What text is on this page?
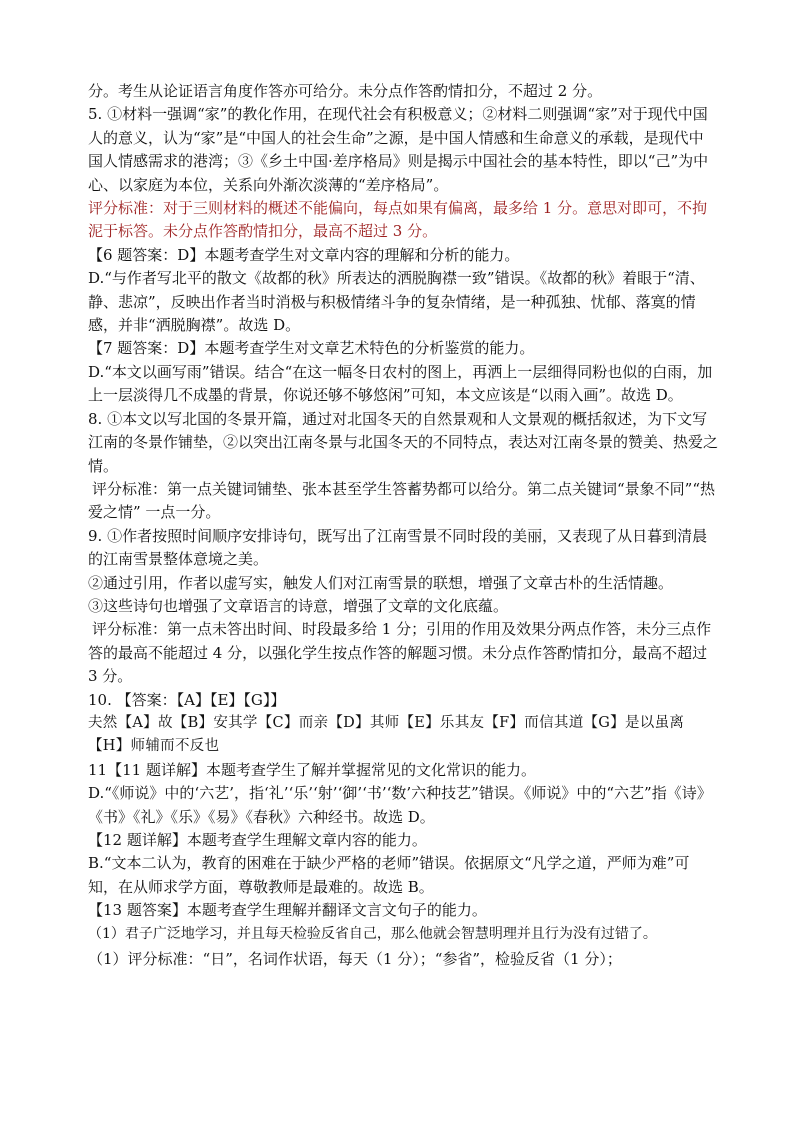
分。考生从论证语言角度作答亦可给分。未分点作答酌情扣分，不超过 2 分。

5. ①材料一强调“家”的教化作用，在现代社会有积极意义；②材料二则强调“家”对于现代中国人的意义，认为“家”是“中国人的社会生命”之源，是中国人情感和生命意义的承载，是现代中国人情感需求的港湾；③《乡土中国·差序格局》则是揭示中国社会的基本特性，即以“己”为中心、以家庭为本位，关系向外渐次淡薄的“差序格局”。

评分标准：对于三则材料的概述不能偏向，每点如果有偏离，最多给 1 分。意思对即可，不拘泥于标答。未分点作答酌情扣分，最高不超过 3 分。

【6 题答案：D】本题考查学生对文章内容的理解和分析的能力。

D.“与作者写北平的散文《故都的秋》所表达的洒脱胸襟一致”错误。《故都的秋》着眼于“清、静、悲凉”，反映出作者当时消极与积极情绪斗争的复杂情绪，是一种孤独、忧郁、落寞的情感，并非“洒脱胸襟”。故选 D。

【7 题答案：D】本题考查学生对文章艺术特色的分析鉴赏的能力。

D.“本文以画写雨”错误。结合“在这一幅冬日农村的图上，再洒上一层细得同粉也似的白雨，加上一层淡得几不成墨的背景，你说还够不够悠闲”可知，本文应该是“以雨入画”。故选 D。

8. ①本文以写北国的冬景开篇，通过对北国冬天的自然景观和人文景观的概括叙述，为下文写江南的冬景作铺垫，②以突出江南冬景与北国冬天的不同特点，表达对江南冬景的赞美、热爱之情。

评分标准：第一点关键词铺垫、张本甚至学生答蓄势都可以给分。第二点关键词“景象不同”“热爱之情” 一点一分。

9. ①作者按照时间顺序安排诗句，既写出了江南雪景不同时段的美丽，又表现了从日暮到清晨的江南雪景整体意境之美。

②通过引用，作者以虚写实，触发人们对江南雪景的联想，增强了文章古朴的生活情趣。

③这些诗句也增强了文章语言的诗意，增强了文章的文化底蕴。

评分标准：第一点未答出时间、时段最多给 1 分；引用的作用及效果分两点作答，未分三点作答的最高不能超过 4 分，以强化学生按点作答的解题习惯。未分点作答酌情扣分，最高不超过 3 分。

10. 【答案：【A】【E】【G】】

夫然【A】故【B】安其学【C】而亲【D】其师【E】乐其友【F】而信其道【G】是以虽离【H】师辅而不反也

11【11 题详解】本题考查学生了解并掌握常见的文化常识的能力。

D.“《师说》中的‘六艺’，指‘礼’‘乐’‘射’‘御’‘书’‘数’六种技艺”错误。《师说》中的“六艺”指《诗》《书》《礼》《乐》《易》《春秋》六种经书。故选 D。

【12 题详解】本题考查学生理解文章内容的能力。

B.“文本二认为，教育的困难在于缺少严格的老师”错误。依据原文“凡学之道，严师为难”可知，在从师求学方面，尊敬教师是最难的。故选 B。

【13 题答案】本题考查学生理解并翻译文言文句子的能力。

（1）君子广泛地学习，并且每天检验反省自己，那么他就会智慧明理并且行为没有过错了。

（1）评分标准：“日”，名词作状语，每天（1 分）；“参省”，检验反省（1 分）；
